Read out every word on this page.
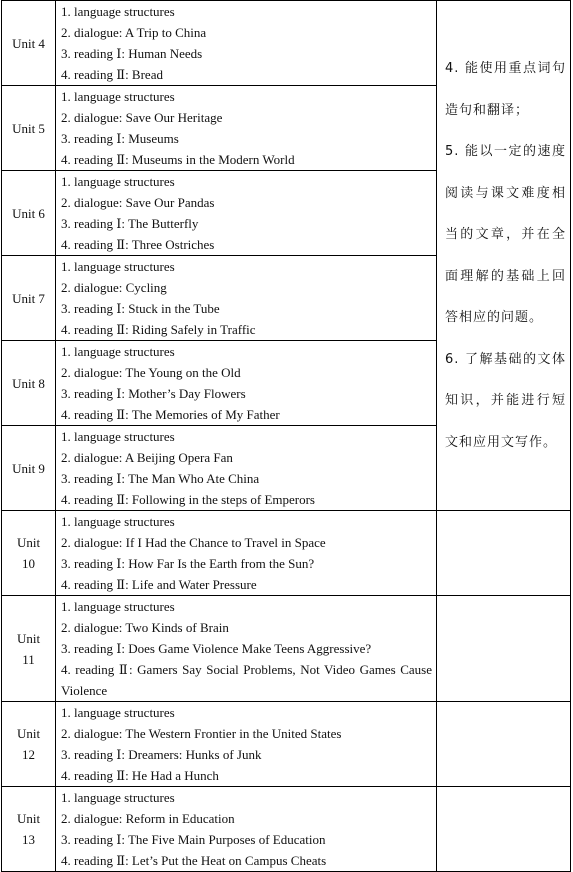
Unit 4	1. language structures
2. dialogue: A Trip to China
3. reading Ⅰ: Human Needs
4. reading Ⅱ: Bread	4. 能使用重点词句造句和翻译；
5. 能以一定的速度阅读与课文难度相当的文章，并在全面理解的基础上回答相应的问题。
6. 了解基础的文体知识，并能进行短文和应用文写作。

Unit 5	1. language structures
2. dialogue: Save Our Heritage
3. reading Ⅰ: Museums
4. reading Ⅱ: Museums in the Modern World	

Unit 6	1. language structures
2. dialogue: Save Our Pandas
3. reading Ⅰ: The Butterfly
4. reading Ⅱ: Three Ostriches	

Unit 7	1. language structures
2. dialogue: Cycling
3. reading Ⅰ: Stuck in the Tube
4. reading Ⅱ: Riding Safely in Traffic	

Unit 8	1. language structures
2. dialogue: The Young on the Old
3. reading Ⅰ: Mother’s Day Flowers
4. reading Ⅱ: The Memories of My Father	

Unit 9	1. language structures
2. dialogue: A Beijing Opera Fan
3. reading Ⅰ: The Man Who Ate China
4. reading Ⅱ: Following in the steps of Emperors	

Unit 10	1. language structures
2. dialogue: If I Had the Chance to Travel in Space
3. reading Ⅰ: How Far Is the Earth from the Sun?
4. reading Ⅱ: Life and Water Pressure	

Unit 11	1. language structures
2. dialogue: Two Kinds of Brain
3. reading Ⅰ: Does Game Violence Make Teens Aggressive?
4. reading Ⅱ: Gamers Say Social Problems, Not Video Games Cause Violence	

Unit 12	1. language structures
2. dialogue: The Western Frontier in the United States
3. reading Ⅰ: Dreamers: Hunks of Junk
4. reading Ⅱ: He Had a Hunch	

Unit 13	1. language structures
2. dialogue: Reform in Education
3. reading Ⅰ: The Five Main Purposes of Education
4. reading Ⅱ: Let’s Put the Heat on Campus Cheats	
